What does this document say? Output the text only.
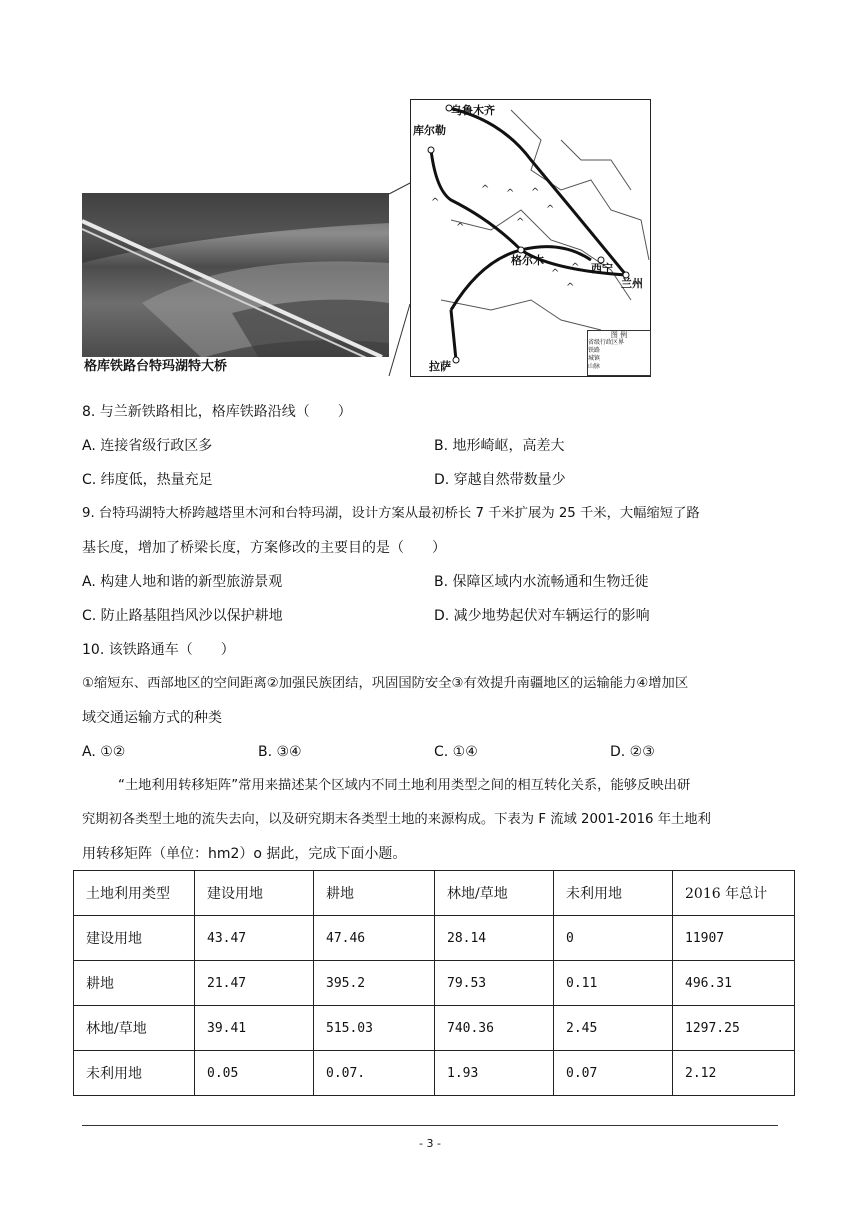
格库铁路台特玛湖特大桥
^
^
^ ^ ^
^
^
^
^
^
乌鲁木齐
库尔勒
格尔木
西宁
兰州
拉萨
图 例
省级行政区界
铁路
城镇
山脉
8. 与兰新铁路相比，格库铁路沿线（　　）
A. 连接省级行政区多	B. 地形崎岖，高差大
C. 纬度低，热量充足	D. 穿越自然带数量少
9. 台特玛湖特大桥跨越塔里木河和台特玛湖，设计方案从最初桥长 7 千米扩展为 25 千米，大幅缩短了路
基长度，增加了桥梁长度，方案修改的主要目的是（　　）
A. 构建人地和谐的新型旅游景观	B. 保障区域内水流畅通和生物迁徙
C. 防止路基阻挡风沙以保护耕地	D. 减少地势起伏对车辆运行的影响
10. 该铁路通车（　　）
①缩短东、西部地区的空间距离②加强民族团结，巩固国防安全③有效提升南疆地区的运输能力④增加区
域交通运输方式的种类
A. ①②	B. ③④	C. ①④	D. ②③
“土地利用转移矩阵”常用来描述某个区域内不同土地利用类型之间的相互转化关系，能够反映出研
究期初各类型土地的流失去向，以及研究期末各类型土地的来源构成。下表为 F 流域 2001-2016 年土地利
用转移矩阵（单位：hm2）o 据此，完成下面小题。
土地利用类型	建设用地	耕地	林地/草地	未利用地	2016 年总计
建设用地	43.47	47.46	28.14	0	11907
耕地	21.47	395.2	79.53	0.11	496.31
林地/草地	39.41	515.03	740.36	2.45	1297.25
未利用地	0.05	0.07.	1.93	0.07	2.12
- 3 -
